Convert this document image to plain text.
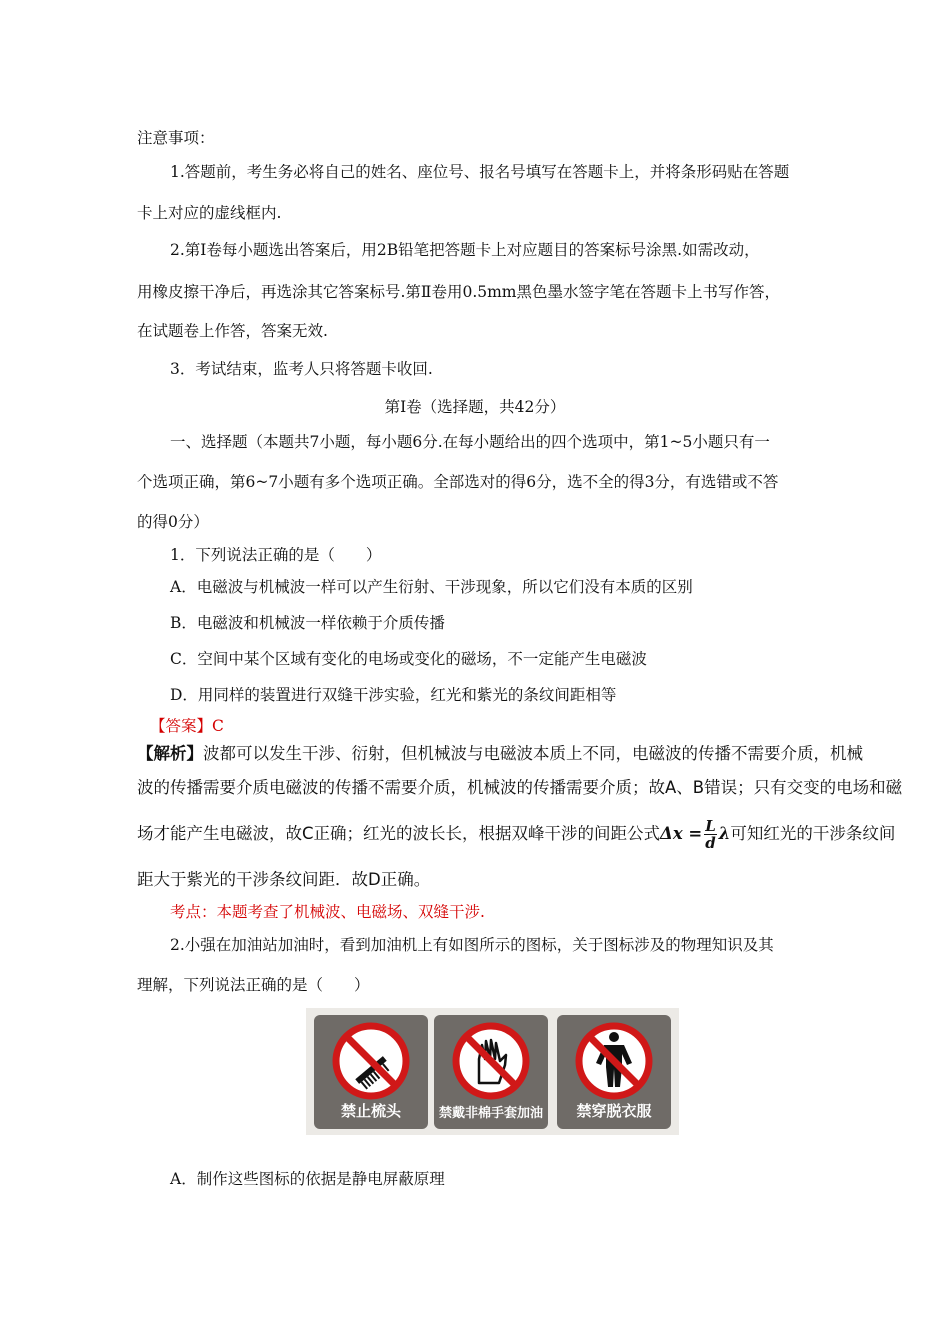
注意事项：
1.答题前，考生务必将自己的姓名、座位号、报名号填写在答题卡上，并将条形码贴在答题
卡上对应的虚线框内.
2.第Ⅰ卷每小题选出答案后，用2B铅笔把答题卡上对应题目的答案标号涂黑.如需改动，
用橡皮擦干净后，再选涂其它答案标号.第Ⅱ卷用0.5mm黑色墨水签字笔在答题卡上书写作答，
在试题卷上作答，答案无效.
3．考试结束，监考人只将答题卡收回.
第Ⅰ卷（选择题，共42分）
一、选择题（本题共7小题，每小题6分.在每小题给出的四个选项中，第1~5小题只有一
个选项正确，第6~7小题有多个选项正确。全部选对的得6分，选不全的得3分，有选错或不答
的得0分）
1．下列说法正确的是（　　）
A．电磁波与机械波一样可以产生衍射、干涉现象，所以它们没有本质的区别
B．电磁波和机械波一样依赖于介质传播
C．空间中某个区域有变化的电场或变化的磁场，不一定能产生电磁波
D．用同样的装置进行双缝干涉实验，红光和紫光的条纹间距相等
【答案】C
【解析】波都可以发生干涉、衍射，但机械波与电磁波本质上不同，电磁波的传播不需要介质，机械
波的传播需要介质电磁波的传播不需要介质，机械波的传播需要介质；故A、B错误；只有交变的电场和磁
场才能产生电磁波，故C正确；红光的波长长，根据双峰干涉的间距公式$\Delta x = \frac{L}{d}$ λ可知红光的干涉条纹间
距大于紫光的干涉条纹间距．故D正确。
考点：本题考查了机械波、电磁场、双缝干涉.
2.小强在加油站加油时，看到加油机上有如图所示的图标，关于图标涉及的物理知识及其
理解，下列说法正确的是（　　）
禁止梳头	禁戴非棉手套加油	禁穿脱衣服
A．制作这些图标的依据是静电屏蔽原理
